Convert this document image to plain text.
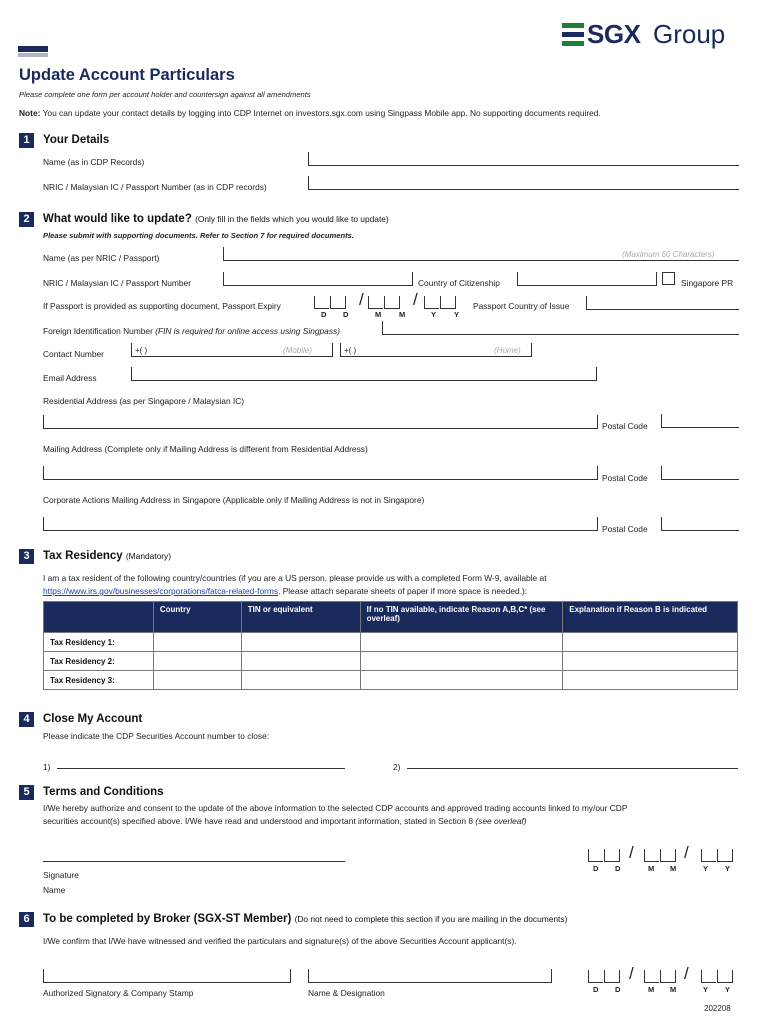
SGX Group
Update Account Particulars
Please complete one form per account holder and countersign against all amendments
Note: You can update your contact details by logging into CDP Internet on investors.sgx.com using Singpass Mobile app. No supporting documents required.
1	Your Details
Name (as in CDP Records)
NRIC / Malaysian IC / Passport Number (as in CDP records)
2	What would like to update? (Only fill in the fields which you would like to update)
Please submit with supporting documents. Refer to Section 7 for required documents.
Name (as per NRIC / Passport)	(Maximum 60 Characters)
NRIC / Malaysian IC / Passport Number	Country of Citizenship	Singapore PR
If Passport is provided as supporting document, Passport Expiry	/	/
D D	M M	Y Y
Passport Country of Issue
Foreign Identification Number (FIN is required for online access using Singpass)
Contact Number	+( )	(Mobile)	+( )	(Home)
Email Address
Residential Address (as per Singapore / Malaysian IC)
Postal Code
Mailing Address (Complete only if Mailing Address is different from Residential Address)
Postal Code
Corporate Actions Mailing Address in Singapore (Applicable only if Mailing Address is not in Singapore)
Postal Code
3	Tax Residency (Mandatory)
I am a tax resident of the following country/countries (if you are a US person, please provide us with a completed Form W-9, available at
https://www.irs.gov/businesses/corporations/fatca-related-forms. Please attach separate sheets of paper if more space is needed.):
	Country	TIN or equivalent	If no TIN available, indicate Reason A,B,C* (see overleaf)	Explanation if Reason B is indicated
Tax Residency 1:				
Tax Residency 2:				
Tax Residency 3:				
4	Close My Account
Please indicate the CDP Securities Account number to close:
1)	2)
5	Terms and Conditions
I/We hereby authorize and consent to the update of the above information to the selected CDP accounts and approved trading accounts linked to my/our CDP
securities account(s) specified above. I/We have read and understood and important information, stated in Section 8 (see overleaf)
Signature
Name
/	/
D D	M M	Y Y
6	To be completed by Broker (SGX-ST Member) (Do not need to complete this section if you are mailing in the documents)
I/We confirm that I/We have witnessed and verified the particulars and signature(s) of the above Securities Account applicant(s).
Authorized Signatory & Company Stamp	Name & Designation
/	/
D D	M M	Y Y
202208
